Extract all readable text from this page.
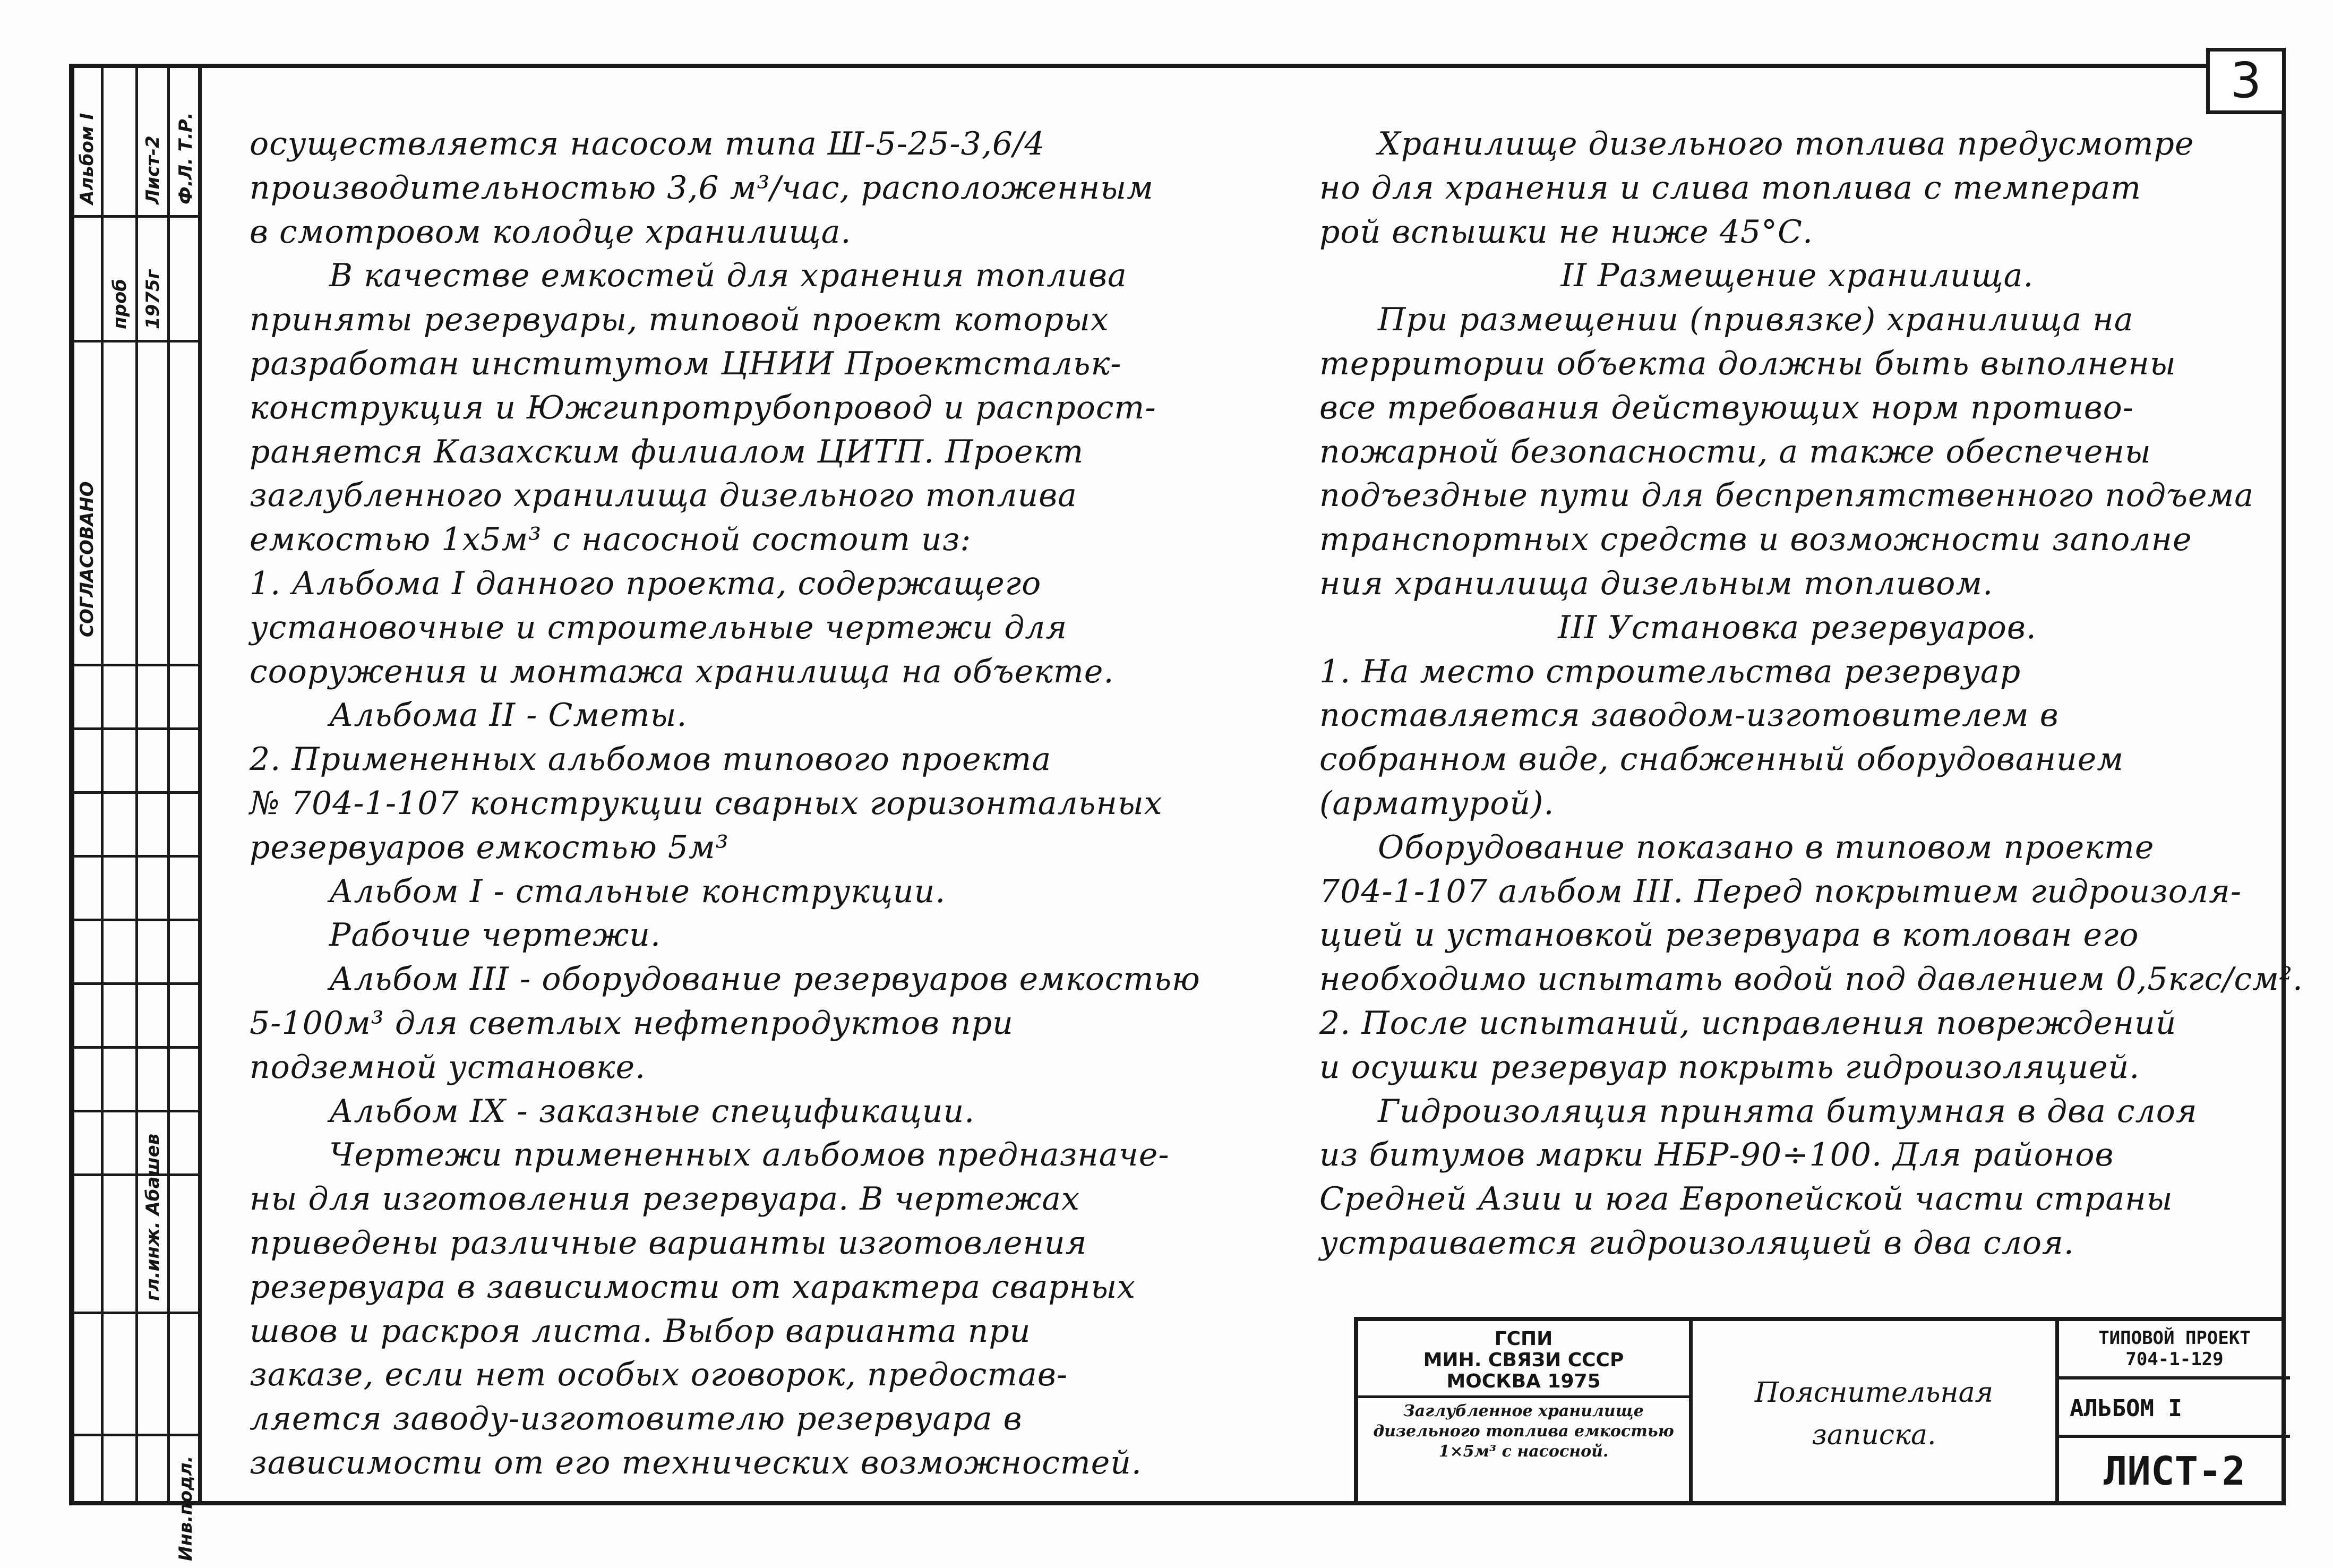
3
Альбом I Лист-2 Ф.Л. Т.Р.
проб 1975г
СОГЛАСОВАНО
гл.инж. Абашев
Инв.подл.
осуществляется насосом типа Ш-5-25-3,6/4
производительностью 3,6 м³/час, расположенным
в смотровом колодце хранилища.
В качестве емкостей для хранения топлива
приняты резервуары, типовой проект которых
разработан институтом ЦНИИ Проектстальк-
конструкция и Южгипротрубопровод и распрост-
раняется Казахским филиалом ЦИТП. Проект
заглубленного хранилища дизельного топлива
емкостью 1х5м³ с насосной состоит из:
1. Альбома I данного проекта, содержащего
установочные и строительные чертежи для
сооружения и монтажа хранилища на объекте.
Альбома II - Сметы.
2. Примененных альбомов типового проекта
№ 704-1-107 конструкции сварных горизонтальных
резервуаров емкостью 5м³
Альбом I - стальные конструкции.
Рабочие чертежи.
Альбом III - оборудование резервуаров емкостью
5-100м³ для светлых нефтепродуктов при
подземной установке.
Альбом IX - заказные спецификации.
Чертежи примененных альбомов предназначе-
ны для изготовления резервуара. В чертежах
приведены различные варианты изготовления
резервуара в зависимости от характера сварных
швов и раскроя листа. Выбор варианта при
заказе, если нет особых оговорок, предостав-
ляется заводу-изготовителю резервуара в
зависимости от его технических возможностей.
Хранилище дизельного топлива предусмотре
но для хранения и слива топлива с температ
рой вспышки не ниже 45°С.
II Размещение хранилища.
При размещении (привязке) хранилища на
территории объекта должны быть выполнены
все требования действующих норм противо-
пожарной безопасности, а также обеспечены
подъездные пути для беспрепятственного подъема
транспортных средств и возможности заполне
ния хранилища дизельным топливом.
III Установка резервуаров.
1. На место строительства резервуар
поставляется заводом-изготовителем в
собранном виде, снабженный оборудованием
(арматурой).
Оборудование показано в типовом проекте
704-1-107 альбом III. Перед покрытием гидроизоля-
цией и установкой резервуара в котлован его
необходимо испытать водой под давлением 0,5кгс/см².
2. После испытаний, исправления повреждений
и осушки резервуар покрыть гидроизоляцией.
Гидроизоляция принята битумная в два слоя
из битумов марки НБР-90÷100. Для районов
Средней Азии и юга Европейской части страны
устраивается гидроизоляцией в два слоя.
ГСПИ
МИН. СВЯЗИ СССР
МОСКВА 1975
Заглубленное хранилище дизельного топлива емкостью 1×5м³ с насосной.
Пояснительная
записка.
ТИПОВОЙ ПРОЕКТ
704-1-129
АЛЬБОМ I
ЛИСТ-2
